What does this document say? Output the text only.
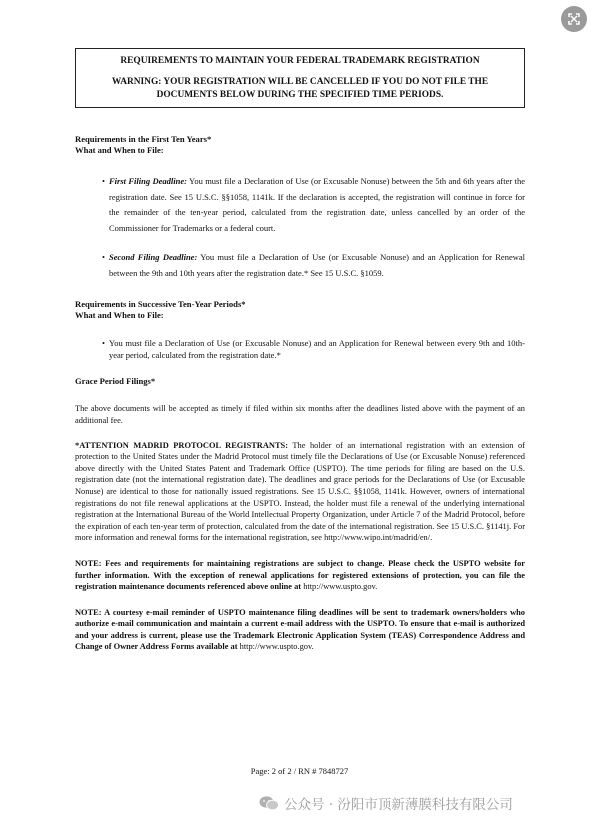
REQUIREMENTS TO MAINTAIN YOUR FEDERAL TRADEMARK REGISTRATION
WARNING: YOUR REGISTRATION WILL BE CANCELLED IF YOU DO NOT FILE THE
DOCUMENTS BELOW DURING THE SPECIFIED TIME PERIODS.
Requirements in the First Ten Years*
What and When to File:
• First Filing Deadline: You must file a Declaration of Use (or Excusable Nonuse) between the 5th and 6th years after the registration date. See 15 U.S.C. §§1058, 1141k. If the declaration is accepted, the registration will continue in force for the remainder of the ten-year period, calculated from the registration date, unless cancelled by an order of the Commissioner for Trademarks or a federal court.
• Second Filing Deadline: You must file a Declaration of Use (or Excusable Nonuse) and an Application for Renewal between the 9th and 10th years after the registration date.* See 15 U.S.C. §1059.
Requirements in Successive Ten-Year Periods*
What and When to File:
• You must file a Declaration of Use (or Excusable Nonuse) and an Application for Renewal between every 9th and 10th-year period, calculated from the registration date.*
Grace Period Filings*
The above documents will be accepted as timely if filed within six months after the deadlines listed above with the payment of an additional fee.
*ATTENTION MADRID PROTOCOL REGISTRANTS: The holder of an international registration with an extension of protection to the United States under the Madrid Protocol must timely file the Declarations of Use (or Excusable Nonuse) referenced above directly with the United States Patent and Trademark Office (USPTO). The time periods for filing are based on the U.S. registration date (not the international registration date). The deadlines and grace periods for the Declarations of Use (or Excusable Nonuse) are identical to those for nationally issued registrations. See 15 U.S.C. §§1058, 1141k. However, owners of international registrations do not file renewal applications at the USPTO. Instead, the holder must file a renewal of the underlying international registration at the International Bureau of the World Intellectual Property Organization, under Article 7 of the Madrid Protocol, before the expiration of each ten-year term of protection, calculated from the date of the international registration. See 15 U.S.C. §1141j. For more information and renewal forms for the international registration, see http://www.wipo.int/madrid/en/.
NOTE: Fees and requirements for maintaining registrations are subject to change. Please check the USPTO website for further information. With the exception of renewal applications for registered extensions of protection, you can file the registration maintenance documents referenced above online at http://www.uspto.gov.
NOTE: A courtesy e-mail reminder of USPTO maintenance filing deadlines will be sent to trademark owners/holders who authorize e-mail communication and maintain a current e-mail address with the USPTO. To ensure that e-mail is authorized and your address is current, please use the Trademark Electronic Application System (TEAS) Correspondence Address and Change of Owner Address Forms available at http://www.uspto.gov.
Page: 2 of 2 / RN # 7848727
公众号 · 汾阳市顶新薄膜科技有限公司
